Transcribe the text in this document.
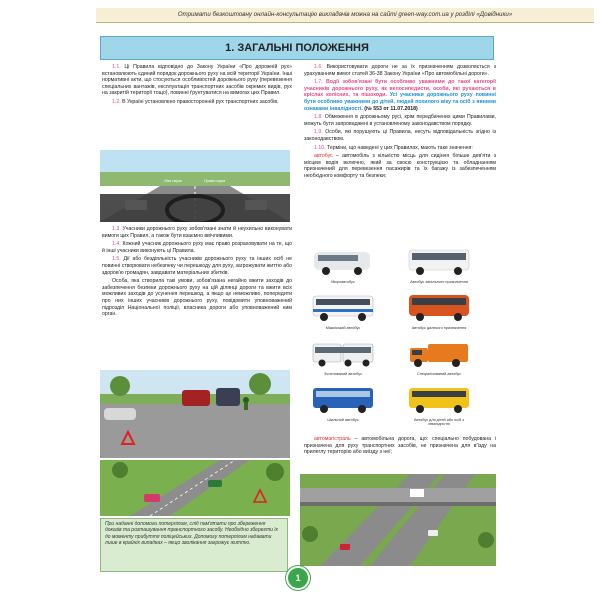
Отримати безкоштовну онлайн-консультацію викладачів можна на сайті green-way.com.ua у розділі «Довідники»
1. ЗАГАЛЬНІ ПОЛОЖЕННЯ

1.1. Ці Правила відповідно до Закону України «Про дорожній рух» встановлюють єдиний порядок дорожнього руху на всій території України. Інші нормативні акти, що стосуються особливостей дорожнього руху (перевезення спеціальних вантажів, експлуатація транспортних засобів окремих видів, рух на закритій території тощо), повинні ґрунтуватися на вимогах цих Правил.

1.2. В Україні установлено правосторонній рух транспортних засобів.

Ліва смуга	Права смуга

1.3. Учасники дорожнього руху зобов'язані знати й неухильно виконувати вимоги цих Правил, а також бути взаємно ввічливими.

1.4. Кожний учасник дорожнього руху має право розраховувати на те, що й інші учасники виконують ці Правила.

1.5. Дії або бездіяльність учасників дорожнього руху та інших осіб не повинні створювати небезпеку чи перешкоду для руху, загрожувати життю або здоров'ю громадян, завдавати матеріальних збитків.

Особа, яка створила такі умови, зобов'язана негайно вжити заходів до забезпечення безпеки дорожнього руху на цій ділянці дороги та вжити всіх можливих заходів до усунення перешкод, а якщо це неможливо, попередити про них інших учасників дорожнього руху, повідомити уповноважений підрозділ Національної поліції, власника дороги або уповноважений ним орган.

При наданні допомоги потерпілим, слід пам'ятати про збереження доказів та розташування транспортного засобу. Необхідно зберегти їх до моменту прибуття поліцейських. Допомогу потерпілим надавати лише в крайніх випадках – якщо зволікання загрожує життю.

1.6. Використовувати дороги не за їх призначенням дозволяється з урахуванням вимог статей 36-38 Закону України «Про автомобільні дороги».

1.7. Водії зобов'язані бути особливо уважними до такої категорії учасників дорожнього руху, як велосипедисти, особи, які рухаються в кріслах колісних, та пішоходи. Усі учасники дорожнього руху повинні бути особливо уважними до дітей, людей похилого віку та осіб з явними ознаками інвалідності. (№ 553 от 11.07.2018)

1.8. Обмеження в дорожньому русі, крім передбачених цими Правилами, можуть бути запроваджені в установленому законодавством порядку.

1.9. Особи, які порушують ці Правила, несуть відповідальність згідно із законодавством.

1.10. Терміни, що наведені у цих Правилах, мають таке значення:

автобус – автомобіль з кількістю місць для сидіння більше дев'яти з місцем водія включно, який за своєю конструкцією та обладнанням призначений для перевезення пасажирів та їх багажу із забезпеченням необхідного комфорту та безпеки;

Мікроавтобус	Автобус загального призначення
Міжміський автобус	Автобус далекого призначення
Зчленований автобус	Спеціалізований автобус
Шкільний автобус	Автобус для дітей або осіб з інвалідністю

автомагістраль – автомобільна дорога, що: спеціально побудована і призначена для руху транспортних засобів, не призначена для в'їзду на прилеглу територію або виїзду з неї;

1
